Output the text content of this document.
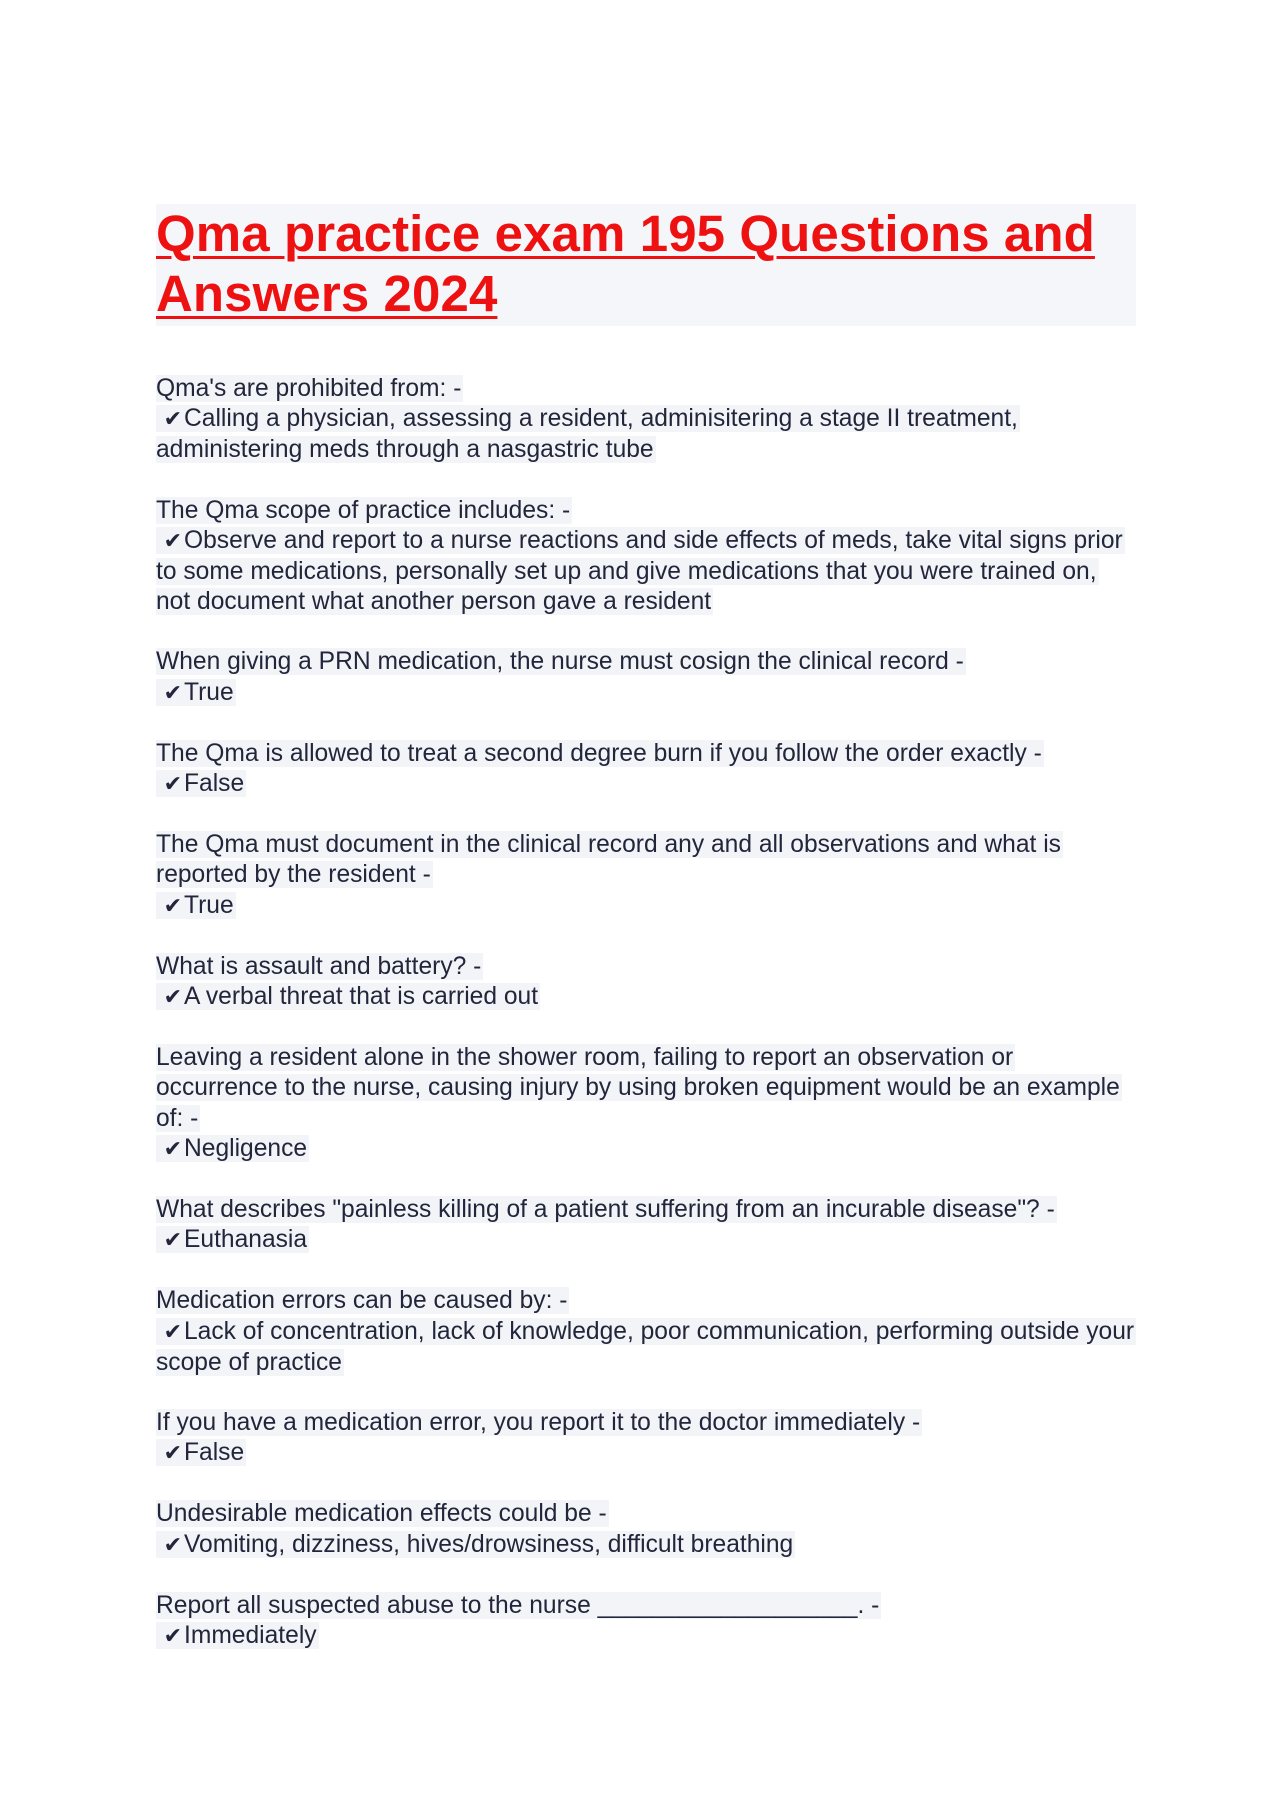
Qma practice exam 195 Questions and Answers 2024
Qma's are prohibited from: -
✔Calling a physician, assessing a resident, adminisitering a stage II treatment, administering meds through a nasgastric tube
The Qma scope of practice includes: -
✔Observe and report to a nurse reactions and side effects of meds, take vital signs prior to some medications, personally set up and give medications that you were trained on, not document what another person gave a resident
When giving a PRN medication, the nurse must cosign the clinical record -
✔True
The Qma is allowed to treat a second degree burn if you follow the order exactly -
✔False
The Qma must document in the clinical record any and all observations and what is reported by the resident -
✔True
What is assault and battery? -
✔A verbal threat that is carried out
Leaving a resident alone in the shower room, failing to report an observation or occurrence to the nurse, causing injury by using broken equipment would be an example of: -
✔Negligence
What describes "painless killing of a patient suffering from an incurable disease"? -
✔Euthanasia
Medication errors can be caused by: -
✔Lack of concentration, lack of knowledge, poor communication, performing outside your scope of practice
If you have a medication error, you report it to the doctor immediately -
✔False
Undesirable medication effects could be -
✔Vomiting, dizziness, hives/drowsiness, difficult breathing
Report all suspected abuse to the nurse ___________________. -
✔Immediately
